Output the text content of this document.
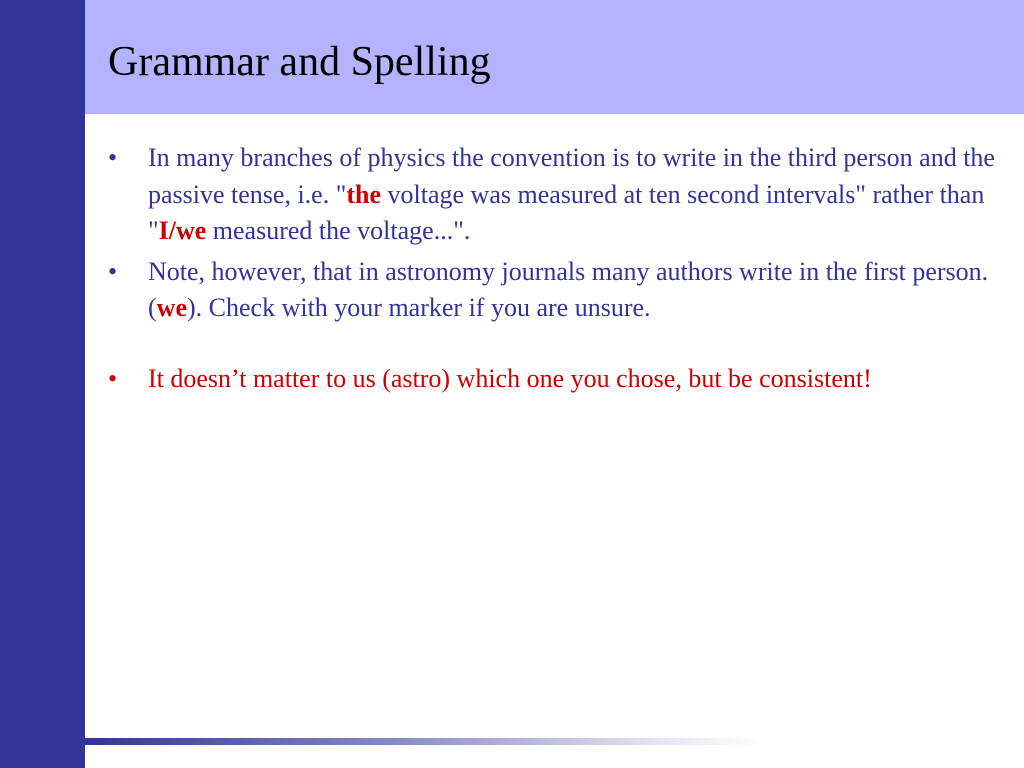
Grammar and Spelling
•	In many branches of physics the convention is to write in the third person and the passive tense, i.e. "the voltage was measured at ten second intervals" rather than "I/we measured the voltage...".
•	Note, however, that in astronomy journals many authors write in the first person. (we). Check with your marker if you are unsure.
•	It doesn’t matter to us (astro) which one you chose, but be consistent!
